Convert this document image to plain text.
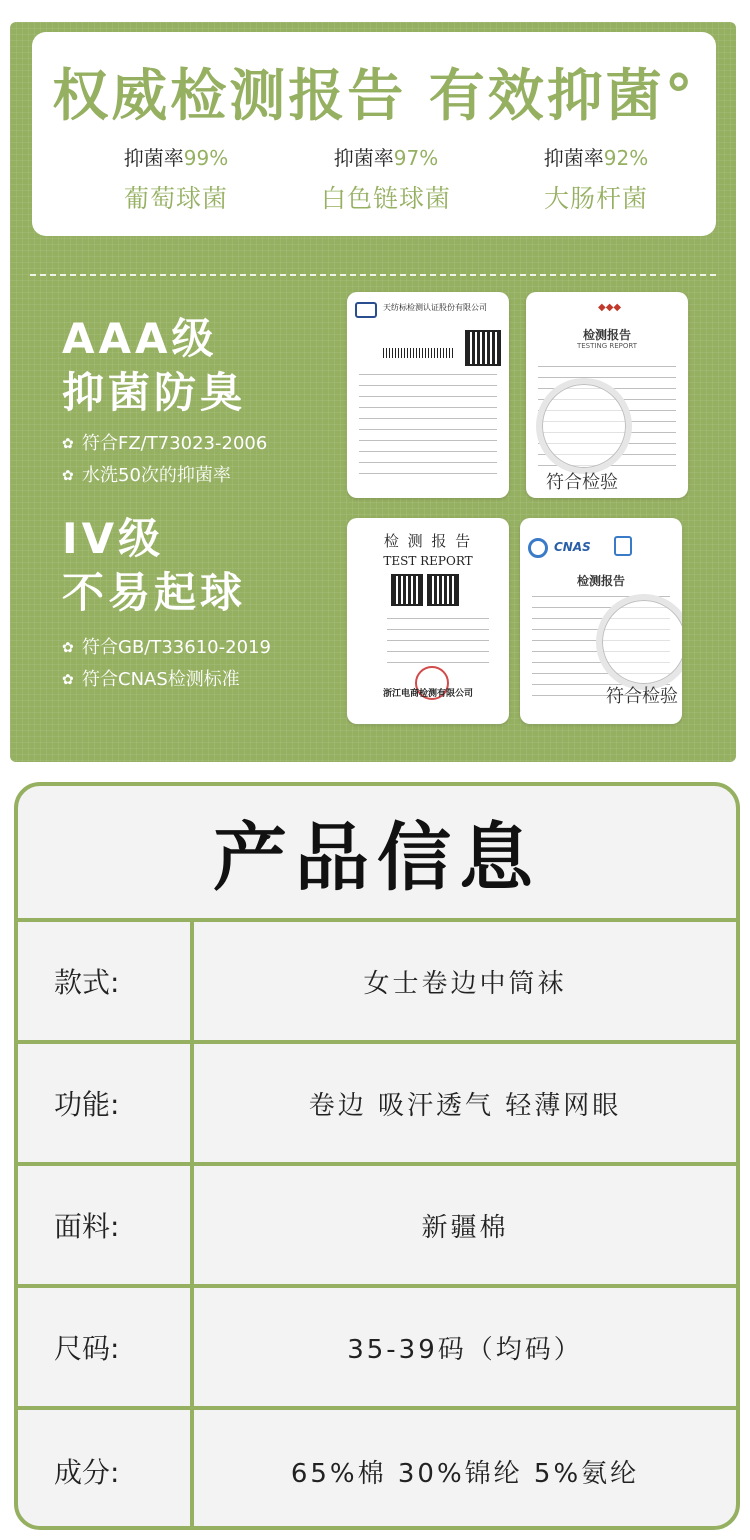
权威检测报告 有效抑菌°
抑菌率99%
葡萄球菌
抑菌率97%
白色链球菌
抑菌率92%
大肠杆菌
AAA级
抑菌防臭
✿ 符合FZ/T73023-2006
✿ 水洗50次的抑菌率
IV级
不易起球
✿ 符合GB/T33610-2019
✿ 符合CNAS检测标准
天纺标检测认证股份有限公司	◆◆◆
检测报告
TESTING REPORT
符合检验
检 测 报 告
TEST REPORT
浙江电商检测有限公司
CNAS
检测报告
符合检验
产品信息
款式:	女士卷边中筒袜
功能:	卷边 吸汗透气 轻薄网眼
面料:	新疆棉
尺码:	35-39码（均码）
成分:	65%棉 30%锦纶 5%氨纶
